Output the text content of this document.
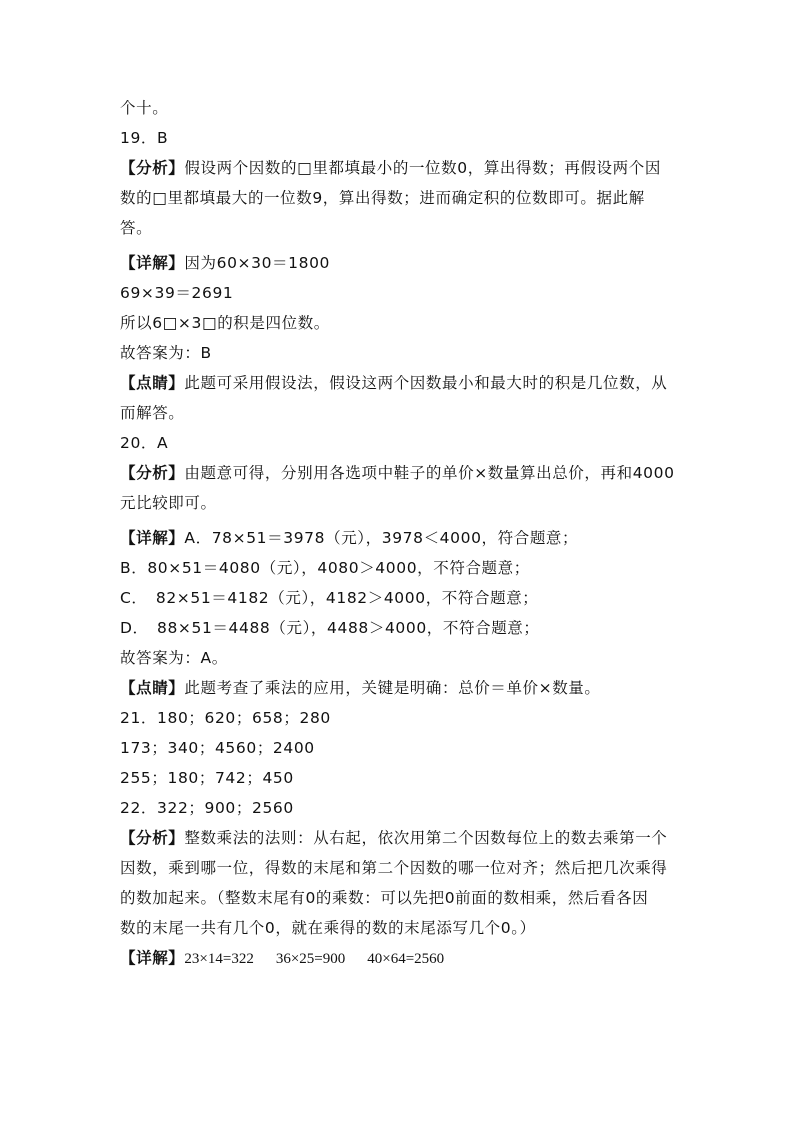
个十。

19．B

【分析】假设两个因数的□里都填最小的一位数0，算出得数；再假设两个因

数的□里都填最大的一位数9，算出得数；进而确定积的位数即可。据此解

答。

【详解】因为60×30＝1800

69×39＝2691

所以6□×3□的积是四位数。

故答案为：B

【点睛】此题可采用假设法，假设这两个因数最小和最大时的积是几位数，从

而解答。

20．A

【分析】由题意可得，分别用各选项中鞋子的单价×数量算出总价，再和4000

元比较即可。

【详解】A．78×51＝3978（元），3978＜4000，符合题意；

B．80×51＝4080（元），4080＞4000，不符合题意；

C．　82×51＝4182（元），4182＞4000，不符合题意；

D．　88×51＝4488（元），4488＞4000，不符合题意；

故答案为：A。

【点睛】此题考查了乘法的应用，关键是明确：总价＝单价×数量。

21．180；620；658；280

173；340；4560；2400

255；180；742；450

22．322；900；2560

【分析】整数乘法的法则：从右起，依次用第二个因数每位上的数去乘第一个

因数，乘到哪一位，得数的末尾和第二个因数的哪一位对齐；然后把几次乘得

的数加起来。（整数末尾有0的乘数：可以先把0前面的数相乘，然后看各因

数的末尾一共有几个0，就在乘得的数的末尾添写几个0。）

【详解】23×14=322 36×25=900 40×64=2560
